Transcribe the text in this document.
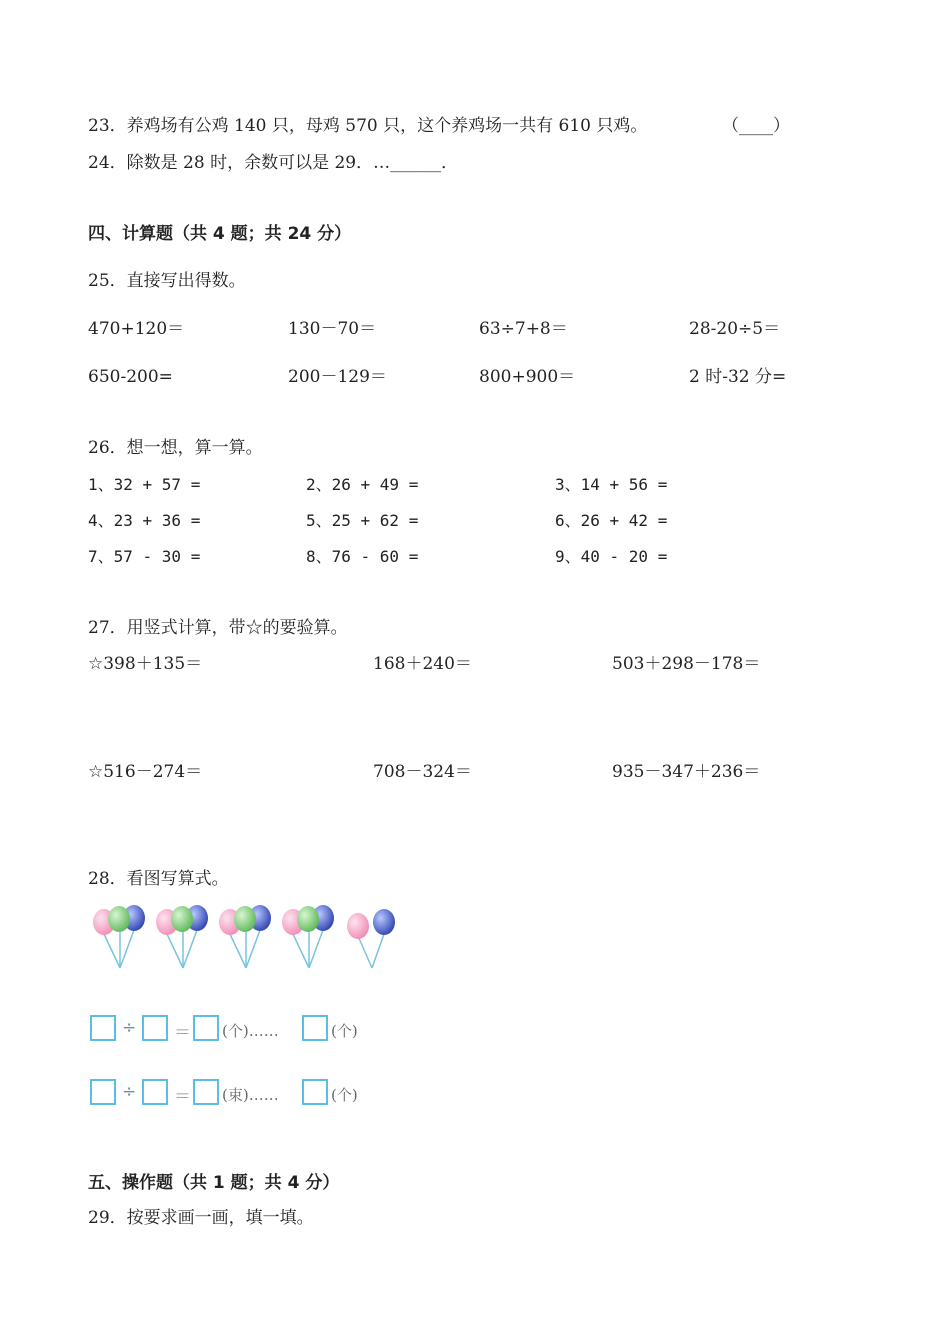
23．养鸡场有公鸡 140 只，母鸡 570 只，这个养鸡场一共有 610 只鸡。	（____）
24．除数是 28 时，余数可以是 29．…______．
四、计算题（共 4 题；共 24 分）
25．直接写出得数。
470+120＝	130－70＝	63÷7+8＝	28-20÷5＝
650-200=	200－129＝	800+900＝	2 时-32 分=
26．想一想，算一算。
1、32 + 57 =	2、26 + 49 =	3、14 + 56 =
4、23 + 36 =	5、25 + 62 =	6、26 + 42 =
7、57 - 30 =	8、76 - 60 =	9、40 - 20 =
27．用竖式计算，带☆的要验算。
☆398＋135＝	168＋240＝	503＋298－178＝
☆516－274＝	708－324＝	935－347＋236＝
28．看图写算式。
÷ ＝ (个)……	(个)
÷ ＝ (束)……	(个)
五、操作题（共 1 题；共 4 分）
29．按要求画一画，填一填。
